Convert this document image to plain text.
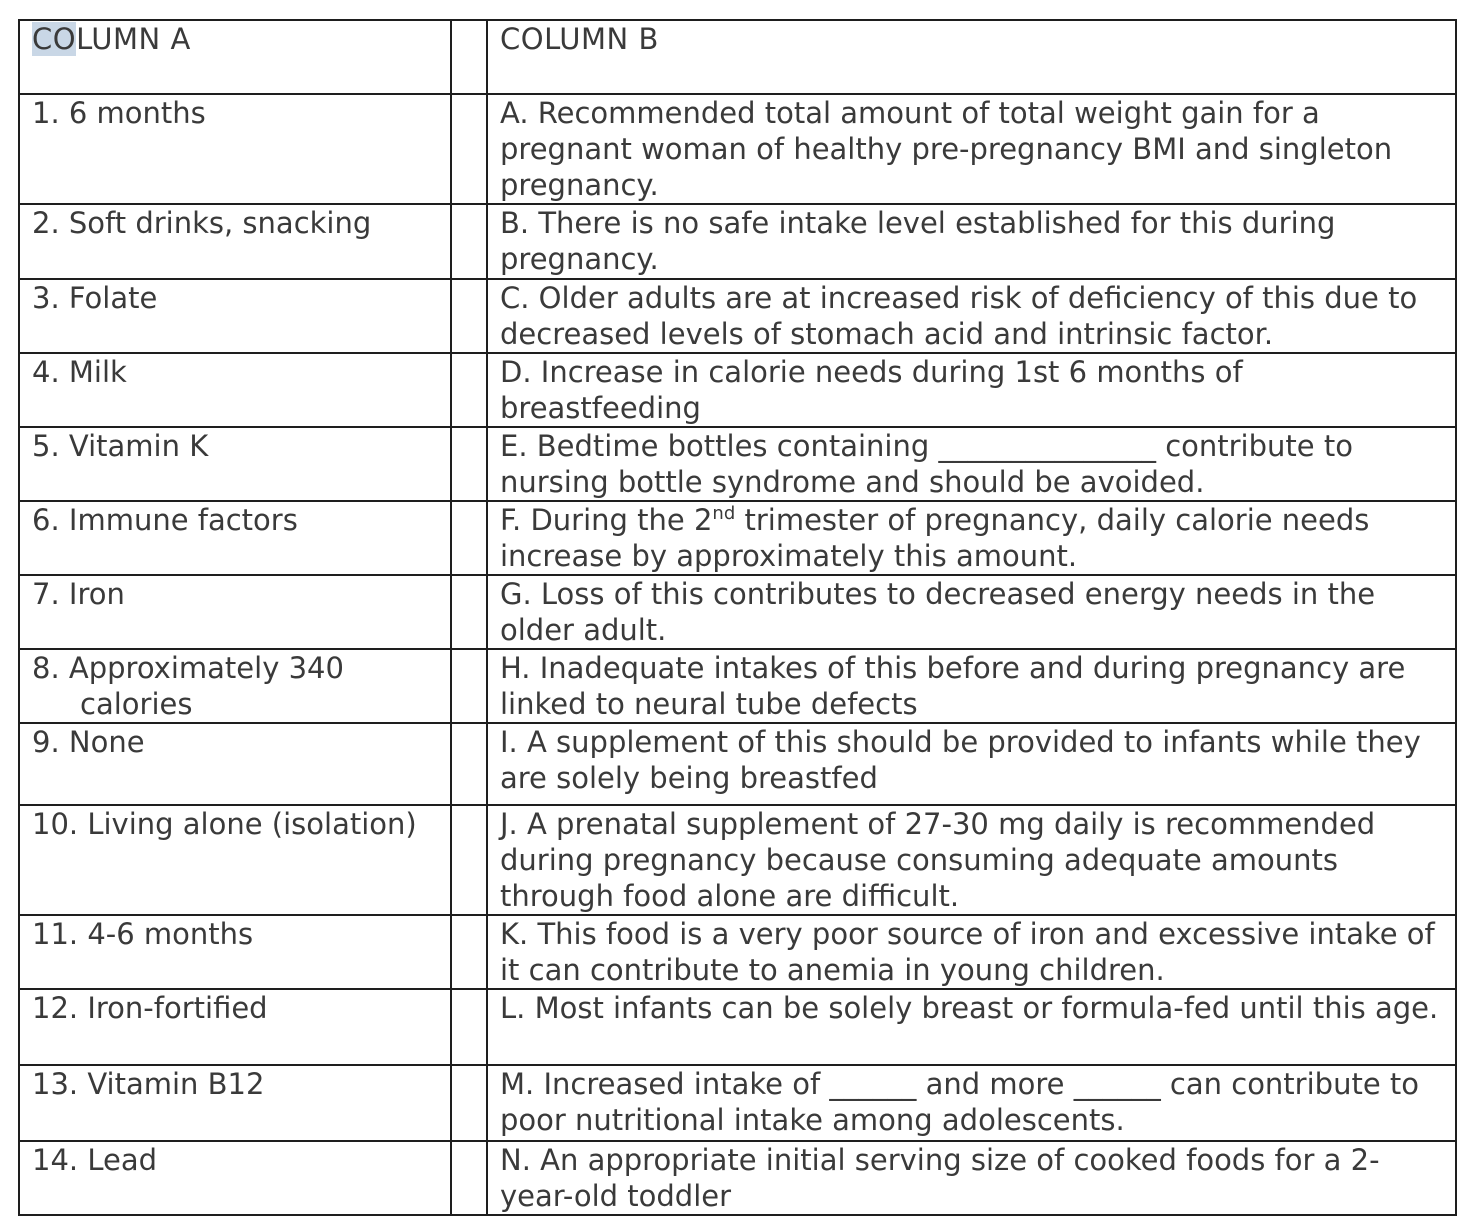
COLUMN A		COLUMN B

1. 6 months		A. Recommended total amount of total weight gain for a pregnant woman of healthy pre-pregnancy BMI and singleton pregnancy.

2. Soft drinks, snacking		B. There is no safe intake level established for this during pregnancy.

3. Folate		C. Older adults are at increased risk of deficiency of this due to decreased levels of stomach acid and intrinsic factor.

4. Milk		D. Increase in calorie needs during 1st 6 months of breastfeeding

5. Vitamin K		E. Bedtime bottles containing _______________ contribute to nursing bottle syndrome and should be avoided.

6. Immune factors		F. During the 2nd trimester of pregnancy, daily calorie needs increase by approximately this amount.

7. Iron		G. Loss of this contributes to decreased energy needs in the older adult.

8. Approximately 340 calories		H. Inadequate intakes of this before and during pregnancy are linked to neural tube defects

9. None		I. A supplement of this should be provided to infants while they are solely being breastfed

10. Living alone (isolation)		J. A prenatal supplement of 27-30 mg daily is recommended during pregnancy because consuming adequate amounts through food alone are difficult.

11. 4-6 months		K. This food is a very poor source of iron and excessive intake of it can contribute to anemia in young children.

12. Iron-fortified		L. Most infants can be solely breast or formula-fed until this age.

13. Vitamin B12		M. Increased intake of ______ and more ______ can contribute to poor nutritional intake among adolescents.

14. Lead		N. An appropriate initial serving size of cooked foods for a 2-year-old toddler
